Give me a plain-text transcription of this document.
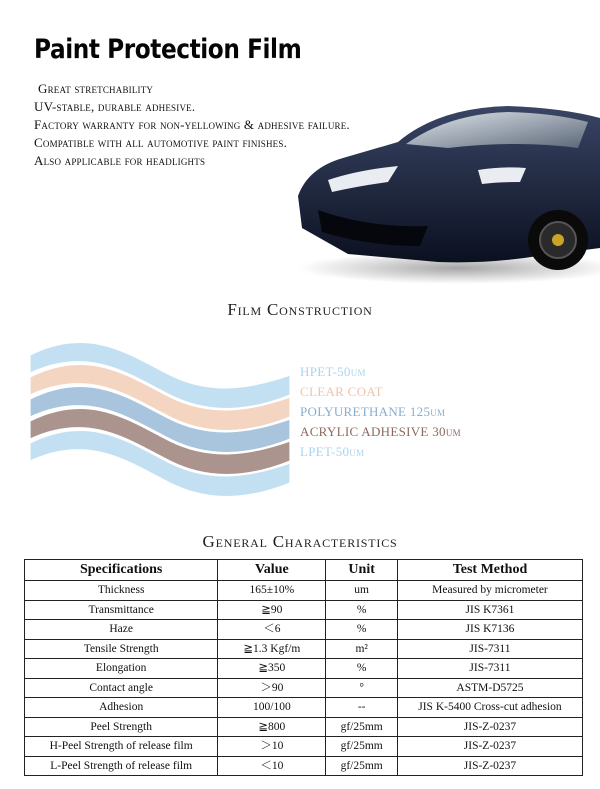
Paint Protection Film
Great stretchability
UV-stable, durable adhesive.
Factory warranty for non-yellowing & adhesive failure.
Compatible with all automotive paint finishes.
Also applicable for headlights
Film Construction
HPET-50um
CLEAR COAT
POLYURETHANE 125um
ACRYLIC ADHESIVE 30um
LPET-50um
General Characteristics
Specifications	Value	Unit	Test Method
Thickness	165±10%	um	Measured by micrometer
Transmittance	≧90	%	JIS K7361
Haze	＜6	%	JIS K7136
Tensile Strength	≧1.3 Kgf/m	m²	JIS-7311
Elongation	≧350	%	JIS-7311
Contact angle	＞90	°	ASTM-D5725
Adhesion	100/100	--	JIS K-5400 Cross-cut adhesion
Peel Strength	≧800	gf/25mm	JIS-Z-0237
H-Peel Strength of release film	＞10	gf/25mm	JIS-Z-0237
L-Peel Strength of release film	＜10	gf/25mm	JIS-Z-0237
